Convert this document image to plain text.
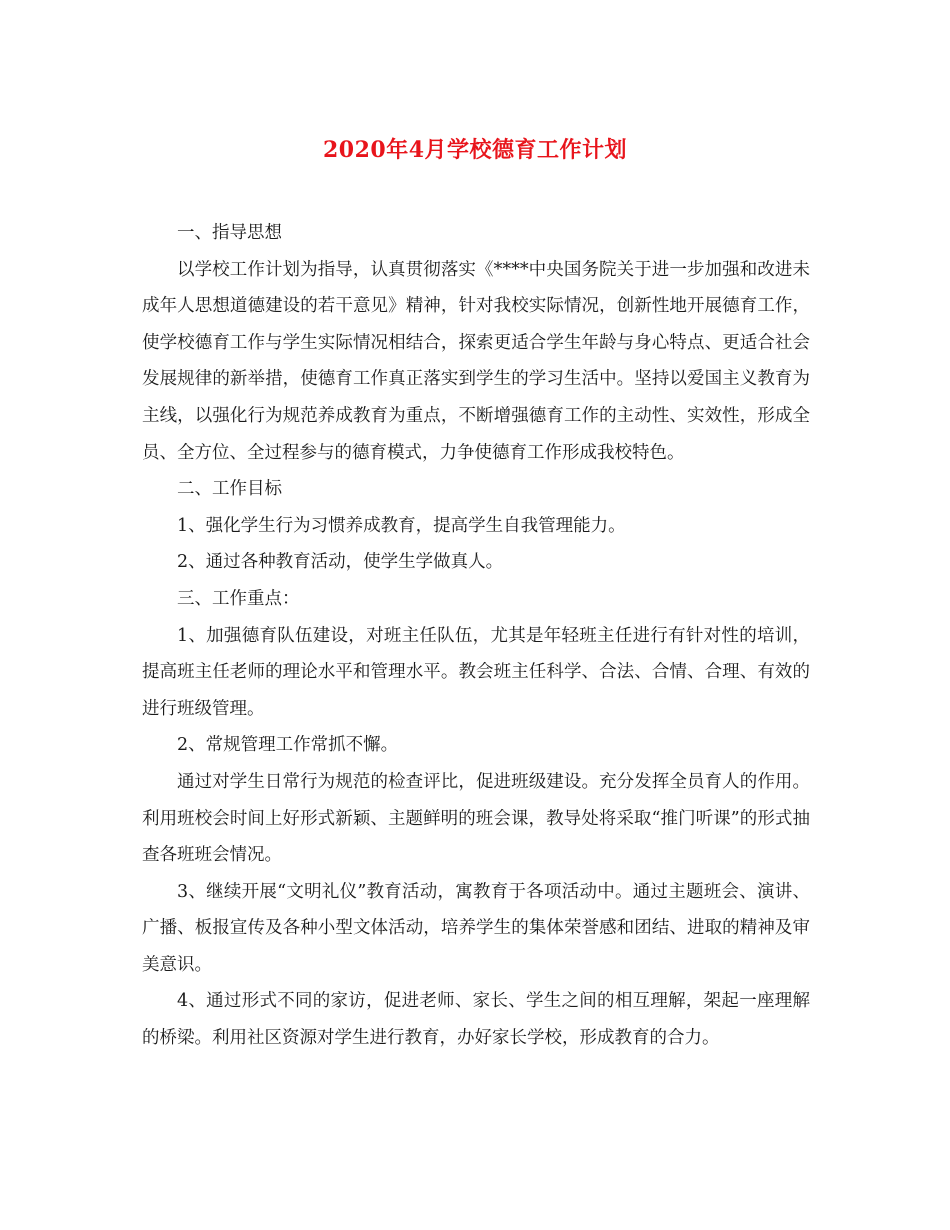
2020年4月学校德育工作计划

一、指导思想

以学校工作计划为指导，认真贯彻落实《****中央国务院关于进一步加强和改进未成年人思想道德建设的若干意见》精神，针对我校实际情况，创新性地开展德育工作，使学校德育工作与学生实际情况相结合，探索更适合学生年龄与身心特点、更适合社会发展规律的新举措，使德育工作真正落实到学生的学习生活中。坚持以爱国主义教育为主线，以强化行为规范养成教育为重点，不断增强德育工作的主动性、实效性，形成全员、全方位、全过程参与的德育模式，力争使德育工作形成我校特色。

二、工作目标

1、强化学生行为习惯养成教育，提高学生自我管理能力。

2、通过各种教育活动，使学生学做真人。

三、工作重点：

1、加强德育队伍建设，对班主任队伍，尤其是年轻班主任进行有针对性的培训，提高班主任老师的理论水平和管理水平。教会班主任科学、合法、合情、合理、有效的进行班级管理。

2、常规管理工作常抓不懈。

通过对学生日常行为规范的检查评比，促进班级建设。充分发挥全员育人的作用。利用班校会时间上好形式新颖、主题鲜明的班会课，教导处将采取“推门听课”的形式抽查各班班会情况。

3、继续开展“文明礼仪”教育活动，寓教育于各项活动中。通过主题班会、演讲、广播、板报宣传及各种小型文体活动，培养学生的集体荣誉感和团结、进取的精神及审美意识。

4、通过形式不同的家访，促进老师、家长、学生之间的相互理解，架起一座理解的桥梁。利用社区资源对学生进行教育，办好家长学校，形成教育的合力。
